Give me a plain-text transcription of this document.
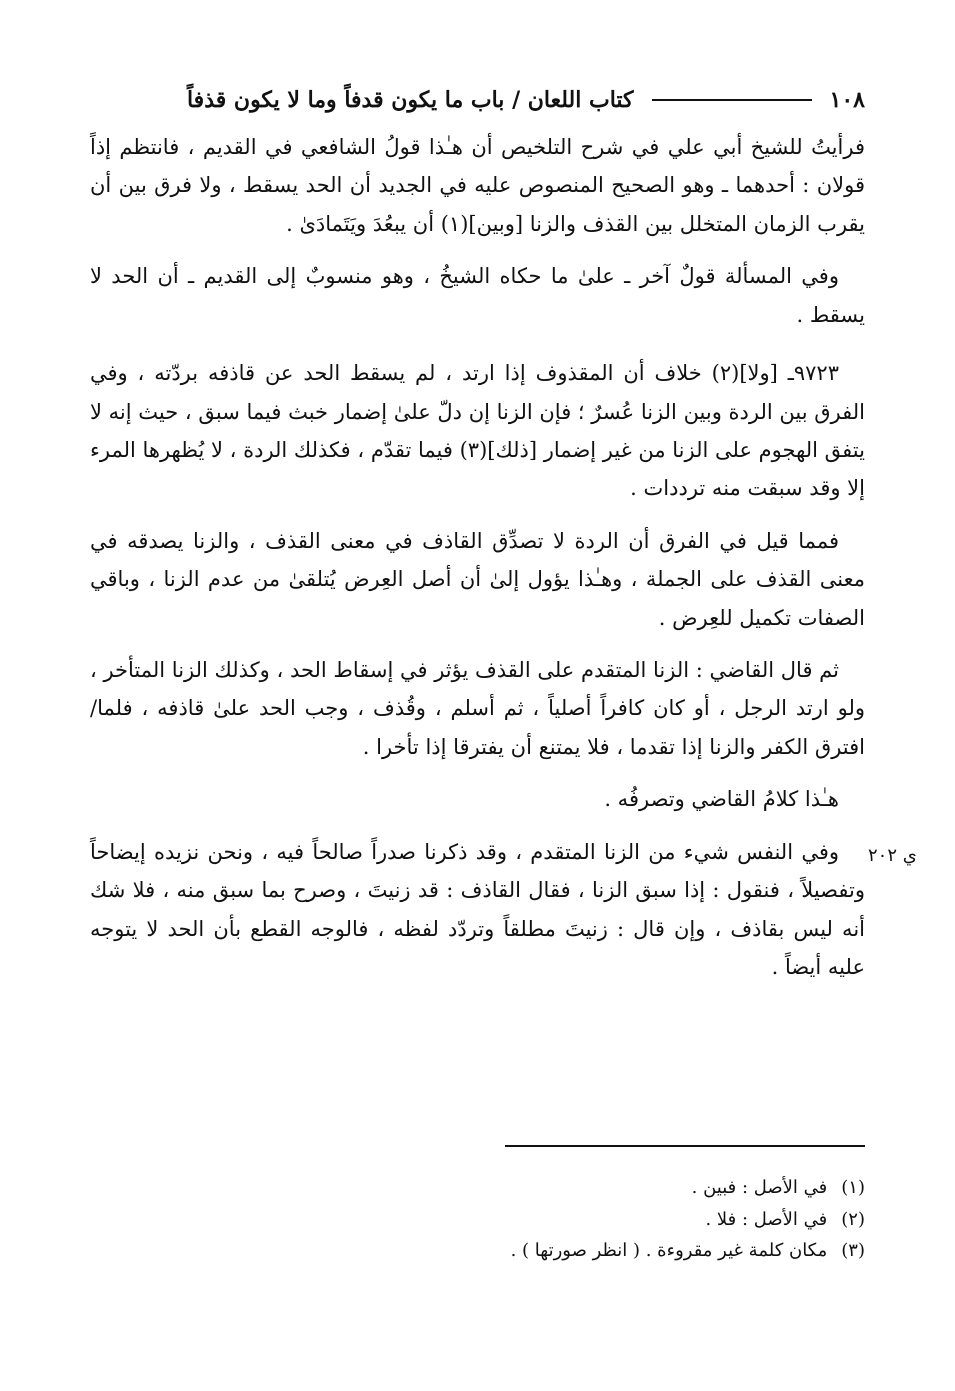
١٠٨
كتاب اللعان / باب ما يكون قدفاً وما لا يكون قذفاً

فرأيتُ للشيخ أبي علي في شرح التلخيص أن هـٰذا قولُ الشافعي في القديم ، فانتظم إذاً قولان : أحدهما ـ وهو الصحيح المنصوص عليه في الجديد أن الحد يسقط ، ولا فرق بين أن يقرب الزمان المتخلل بين القذف والزنا [وبين](١) أن يبعُدَ ويَتَمادَىٰ .

وفي المسألة قولٌ آخر ـ علىٰ ما حكاه الشيخُ ، وهو منسوبٌ إلى القديم ـ أن الحد لا يسقط .

٩٧٢٣ـ [ولا](٢) خلاف أن المقذوف إذا ارتد ، لم يسقط الحد عن قاذفه بردّته ، وفي الفرق بين الردة وبين الزنا عُسرٌ ؛ فإن الزنا إن دلّ علىٰ إضمار خبث فيما سبق ، حيث إنه لا يتفق الهجوم على الزنا من غير إضمار [ذلك](٣) فيما تقدّم ، فكذلك الردة ، لا يُظهرها المرء إلا وقد سبقت منه ترددات .

فمما قيل في الفرق أن الردة لا تصدِّق القاذف في معنى القذف ، والزنا يصدقه في معنى القذف على الجملة ، وهـٰذا يؤول إلىٰ أن أصل العِرض يُتلقىٰ من عدم الزنا ، وباقي الصفات تكميل للعِرض .

ثم قال القاضي : الزنا المتقدم على القذف يؤثر في إسقاط الحد ، وكذلك الزنا المتأخر ، ولو ارتد الرجل ، أو كان كافراً أصلياً ، ثم أسلم ، وقُذف ، وجب الحد علىٰ قاذفه ، فلما/ افترق الكفر والزنا إذا تقدما ، فلا يمتنع أن يفترقا إذا تأخرا .

هـٰذا كلامُ القاضي وتصرفُه .

وفي النفس شيء من الزنا المتقدم ، وقد ذكرنا صدراً صالحاً فيه ، ونحن نزيده إيضاحاً وتفصيلاً ، فنقول : إذا سبق الزنا ، فقال القاذف : قد زنيتَ ، وصرح بما سبق منه ، فلا شك أنه ليس بقاذف ، وإن قال : زنيتَ مطلقاً وتردّد لفظه ، فالوجه القطع بأن الحد لا يتوجه عليه أيضاً .

ي ٢٠٢
(١)
في الأصل : فبين .
(٢)
في الأصل : فلا .
(٣)
مكان كلمة غير مقروءة . ( انظر صورتها ) .
